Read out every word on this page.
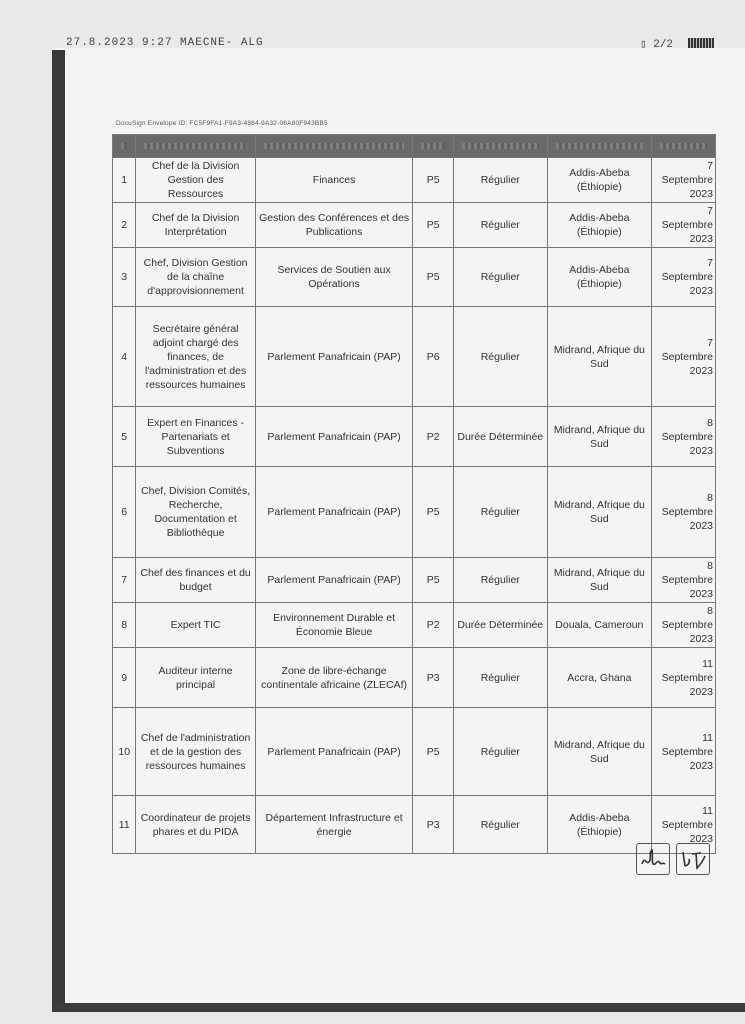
27.8.2023 9:27 MAECNE- ALG	▯ 2/2
DocuSign Envelope ID: FC5F9FA1-F9A3-4884-9A32-06A80F943BB5

1	Chef de la Division Gestion des Ressources	Finances	P5	Régulier	Addis-Abeba (Éthiopie)	7 Septembre 2023
2	Chef de la Division Interprétation	Gestion des Conférences et des Publications	P5	Régulier	Addis-Abeba (Éthiopie)	7 Septembre 2023
3	Chef, Division Gestion de la chaîne d'approvisionnement	Services de Soutien aux Opérations	P5	Régulier	Addis-Abeba (Éthiopie)	7 Septembre 2023
4	Secrétaire général adjoint chargé des finances, de l'administration et des ressources humaines	Parlement Panafricain (PAP)	P6	Régulier	Midrand, Afrique du Sud	7 Septembre 2023
5	Expert en Finances - Partenariats et Subventions	Parlement Panafricain (PAP)	P2	Durée Déterminée	Midrand, Afrique du Sud	8 Septembre 2023
6	Chef, Division Comités, Recherche, Documentation et Bibliothèque	Parlement Panafricain (PAP)	P5	Régulier	Midrand, Afrique du Sud	8 Septembre 2023
7	Chef des finances et du budget	Parlement Panafricain (PAP)	P5	Régulier	Midrand, Afrique du Sud	8 Septembre 2023
8	Expert TIC	Environnement Durable et Économie Bleue	P2	Durée Déterminée	Douala, Cameroun	8 Septembre 2023
9	Auditeur interne principal	Zone de libre-échange continentale africaine (ZLECAf)	P3	Régulier	Accra, Ghana	11 Septembre 2023
10	Chef de l'administration et de la gestion des ressources humaines	Parlement Panafricain (PAP)	P5	Régulier	Midrand, Afrique du Sud	11 Septembre 2023
11	Coordinateur de projets phares et du PIDA	Département Infrastructure et énergie	P3	Régulier	Addis-Abeba (Éthiopie)	11 Septembre 2023
